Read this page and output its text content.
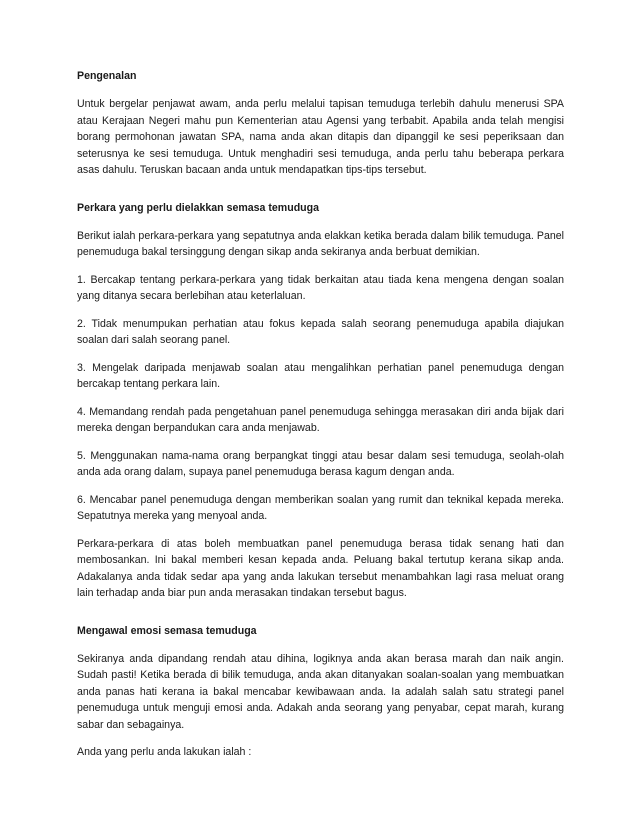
Pengenalan

Untuk bergelar penjawat awam, anda perlu melalui tapisan temuduga terlebih dahulu menerusi SPA atau Kerajaan Negeri mahu pun Kementerian atau Agensi yang terbabit. Apabila anda telah mengisi borang permohonan jawatan SPA, nama anda akan ditapis dan dipanggil ke sesi peperiksaan dan seterusnya ke sesi temuduga. Untuk menghadiri sesi temuduga, anda perlu tahu beberapa perkara asas dahulu. Teruskan bacaan anda untuk mendapatkan tips-tips tersebut.

Perkara yang perlu dielakkan semasa temuduga

Berikut ialah perkara-perkara yang sepatutnya anda elakkan ketika berada dalam bilik temuduga. Panel penemuduga bakal tersinggung dengan sikap anda sekiranya anda berbuat demikian.

1. Bercakap tentang perkara-perkara yang tidak berkaitan atau tiada kena mengena dengan soalan yang ditanya secara berlebihan atau keterlaluan.

2. Tidak menumpukan perhatian atau fokus kepada salah seorang penemuduga apabila diajukan soalan dari salah seorang panel.

3. Mengelak daripada menjawab soalan atau mengalihkan perhatian panel penemuduga dengan bercakap tentang perkara lain.

4. Memandang rendah pada pengetahuan panel penemuduga sehingga merasakan diri anda bijak dari mereka dengan berpandukan cara anda menjawab.

5. Menggunakan nama-nama orang berpangkat tinggi atau besar dalam sesi temuduga, seolah-olah anda ada orang dalam, supaya panel penemuduga berasa kagum dengan anda.

6. Mencabar panel penemuduga dengan memberikan soalan yang rumit dan teknikal kepada mereka. Sepatutnya mereka yang menyoal anda.

Perkara-perkara di atas boleh membuatkan panel penemuduga berasa tidak senang hati dan membosankan. Ini bakal memberi kesan kepada anda. Peluang bakal tertutup kerana sikap anda. Adakalanya anda tidak sedar apa yang anda lakukan tersebut menambahkan lagi rasa meluat orang lain terhadap anda biar pun anda merasakan tindakan tersebut bagus.

Mengawal emosi semasa temuduga

Sekiranya anda dipandang rendah atau dihina, logiknya anda akan berasa marah dan naik angin. Sudah pasti! Ketika berada di bilik temuduga, anda akan ditanyakan soalan-soalan yang membuatkan anda panas hati kerana ia bakal mencabar kewibawaan anda. Ia adalah salah satu strategi panel penemuduga untuk menguji emosi anda. Adakah anda seorang yang penyabar, cepat marah, kurang sabar dan sebagainya.

Anda yang perlu anda lakukan ialah :
